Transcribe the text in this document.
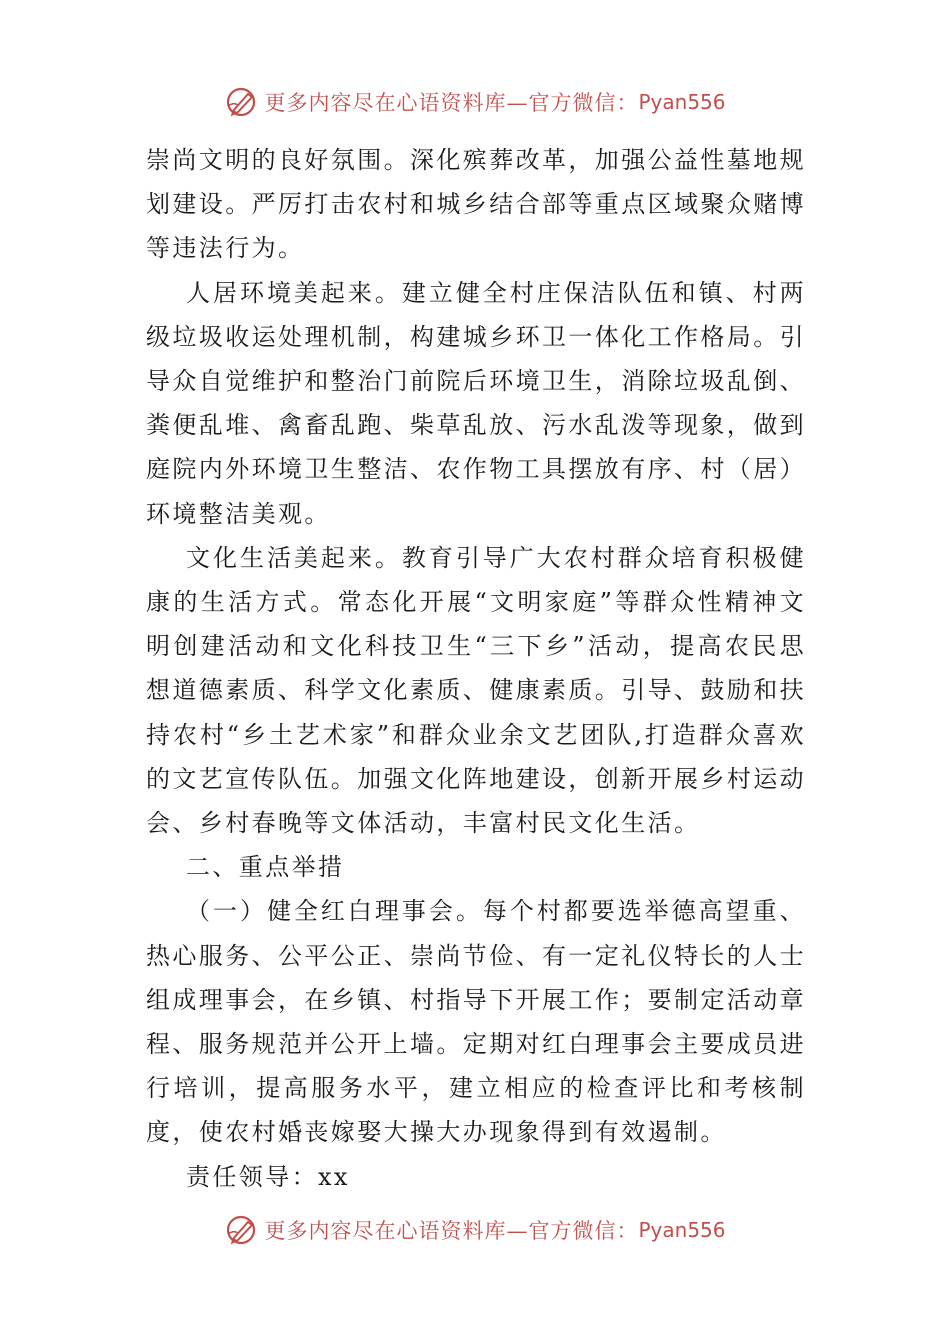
更多内容尽在心语资料库—官方微信： Pyan556

崇尚文明的良好氛围。深化殡葬改革，加强公益性墓地规划建设。严厉打击农村和城乡结合部等重点区域聚众赌博等违法行为。

人居环境美起来。建立健全村庄保洁队伍和镇、村两级垃圾收运处理机制，构建城乡环卫一体化工作格局。引导众自觉维护和整治门前院后环境卫生，消除垃圾乱倒、粪便乱堆、禽畜乱跑、柴草乱放、污水乱泼等现象，做到庭院内外环境卫生整洁、农作物工具摆放有序、村（居）环境整洁美观。

文化生活美起来。教育引导广大农村群众培育积极健康的生活方式。常态化开展“文明家庭”等群众性精神文明创建活动和文化科技卫生“三下乡”活动，提高农民思想道德素质、科学文化素质、健康素质。引导、鼓励和扶持农村“乡土艺术家”和群众业余文艺团队,打造群众喜欢的文艺宣传队伍。加强文化阵地建设，创新开展乡村运动会、乡村春晚等文体活动，丰富村民文化生活。

二、重点举措

（一）健全红白理事会。每个村都要选举德高望重、热心服务、公平公正、崇尚节俭、有一定礼仪特长的人士组成理事会，在乡镇、村指导下开展工作；要制定活动章程、服务规范并公开上墙。定期对红白理事会主要成员进行培训，提高服务水平，建立相应的检查评比和考核制度，使农村婚丧嫁娶大操大办现象得到有效遏制。

责任领导：xx

更多内容尽在心语资料库—官方微信： Pyan556
